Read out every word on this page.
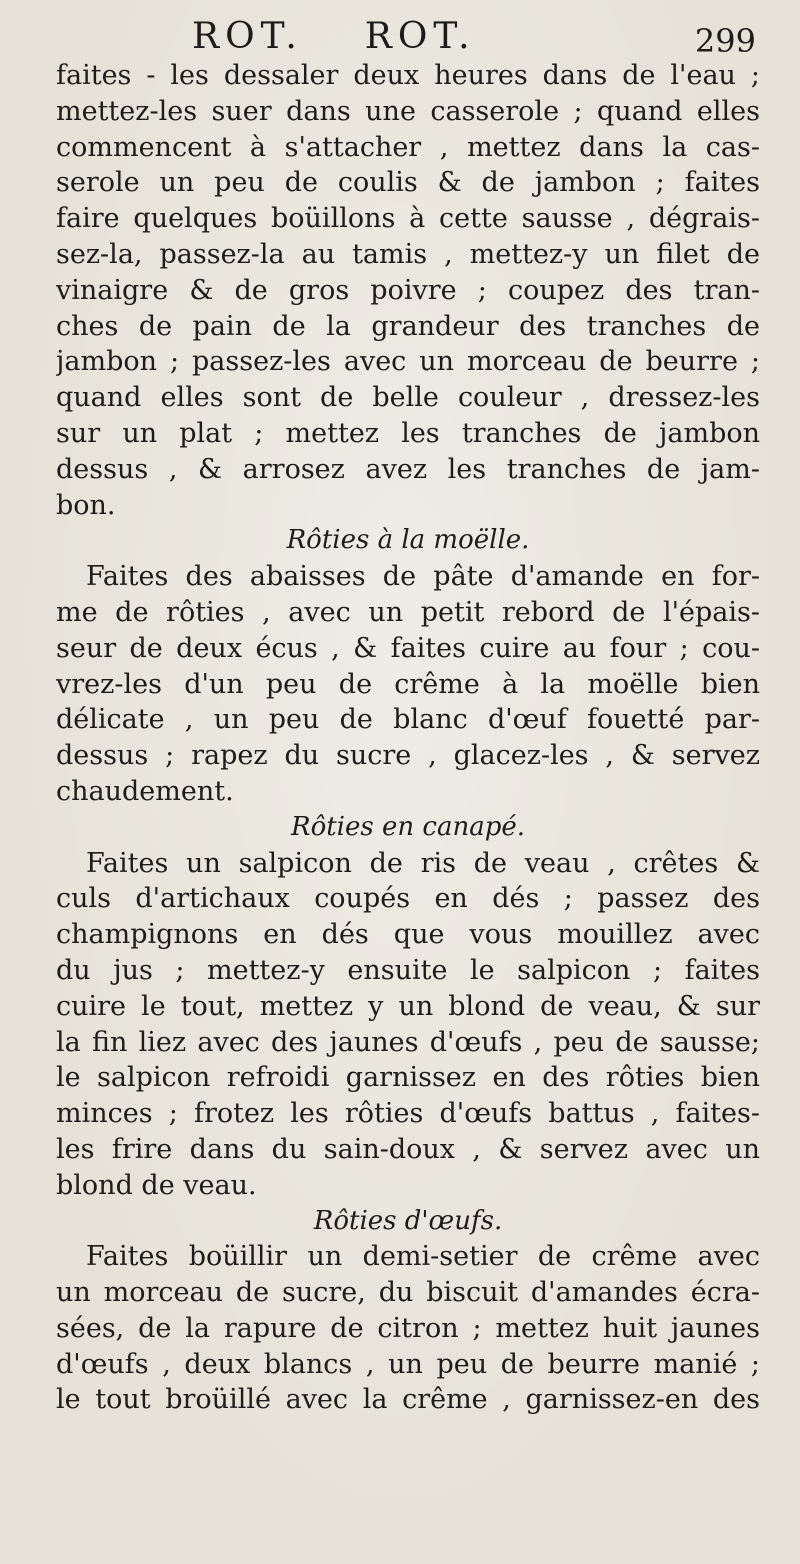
ROT. ROT.	299
faites - les dessaler deux heures dans de l'eau ;
mettez-les suer dans une casserole ; quand elles
commencent à s'attacher , mettez dans la cas-
serole un peu de coulis & de jambon ; faites
faire quelques boüillons à cette sausse , dégrais-
sez-la, passez-la au tamis , mettez-y un filet de
vinaigre & de gros poivre ; coupez des tran-
ches de pain de la grandeur des tranches de
jambon ; passez-les avec un morceau de beurre ;
quand elles sont de belle couleur , dressez-les
sur un plat ; mettez les tranches de jambon
dessus , & arrosez avez les tranches de jam-
bon.
Rôties à la moëlle.
Faites des abaisses de pâte d'amande en for-
me de rôties , avec un petit rebord de l'épais-
seur de deux écus , & faites cuire au four ; cou-
vrez-les d'un peu de crême à la moëlle bien
délicate , un peu de blanc d'œuf fouetté par-
dessus ; rapez du sucre , glacez-les , & servez
chaudement.
Rôties en canapé.
Faites un salpicon de ris de veau , crêtes &
culs d'artichaux coupés en dés ; passez des
champignons en dés que vous mouillez avec
du jus ; mettez-y ensuite le salpicon ; faites
cuire le tout, mettez y un blond de veau, & sur
la fin liez avec des jaunes d'œufs , peu de sausse;
le salpicon refroidi garnissez en des rôties bien
minces ; frotez les rôties d'œufs battus , faites-
les frire dans du sain-doux , & servez avec un
blond de veau.
Rôties d'œufs.
Faites boüillir un demi-setier de crême avec
un morceau de sucre, du biscuit d'amandes écra-
sées, de la rapure de citron ; mettez huit jaunes
d'œufs , deux blancs , un peu de beurre manié ;
le tout broüillé avec la crême , garnissez-en des
